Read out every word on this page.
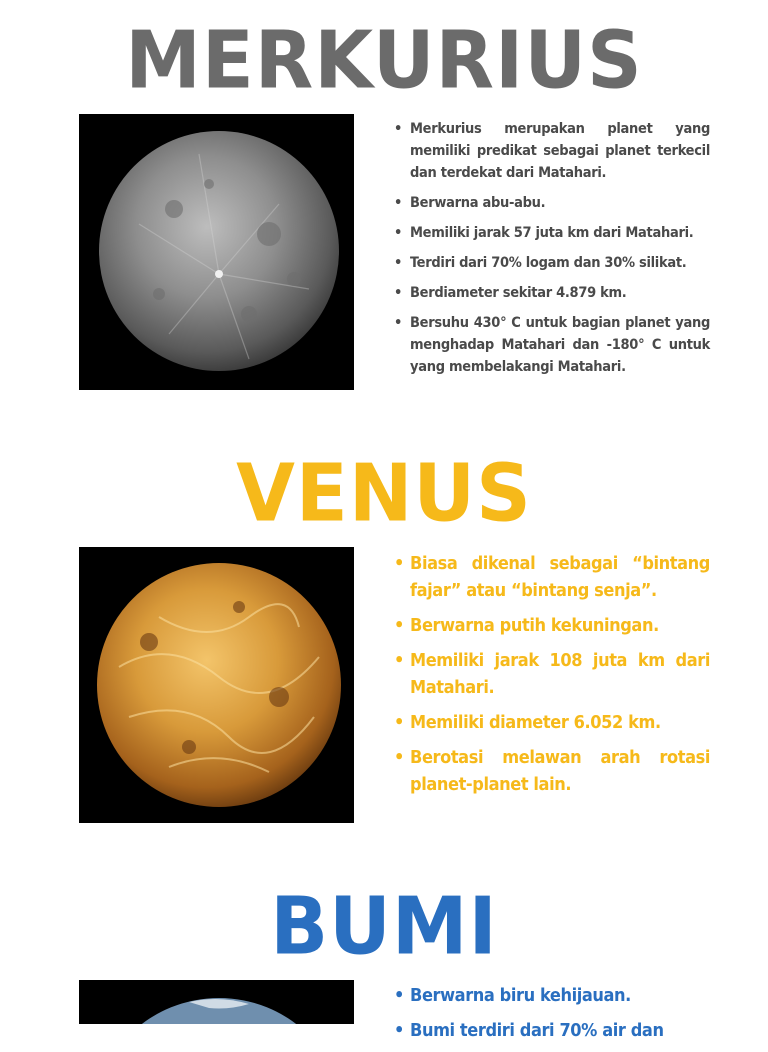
MERKURIUS
• Merkurius merupakan planet yang memiliki predikat sebagai planet terkecil dan terdekat dari Matahari.
• Berwarna abu-abu.
• Memiliki jarak 57 juta km dari Matahari.
• Terdiri dari 70% logam dan 30% silikat.
• Berdiameter sekitar 4.879 km.
• Bersuhu 430° C untuk bagian planet yang menghadap Matahari dan -180° C untuk yang membelakangi Matahari.
VENUS
• Biasa dikenal sebagai “bintang fajar” atau “bintang senja”.
• Berwarna putih kekuningan.
• Memiliki jarak 108 juta km dari Matahari.
• Memiliki diameter 6.052 km.
• Berotasi melawan arah rotasi planet-planet lain.
BUMI
• Berwarna biru kehijauan.
• Bumi terdiri dari 70% air dan
